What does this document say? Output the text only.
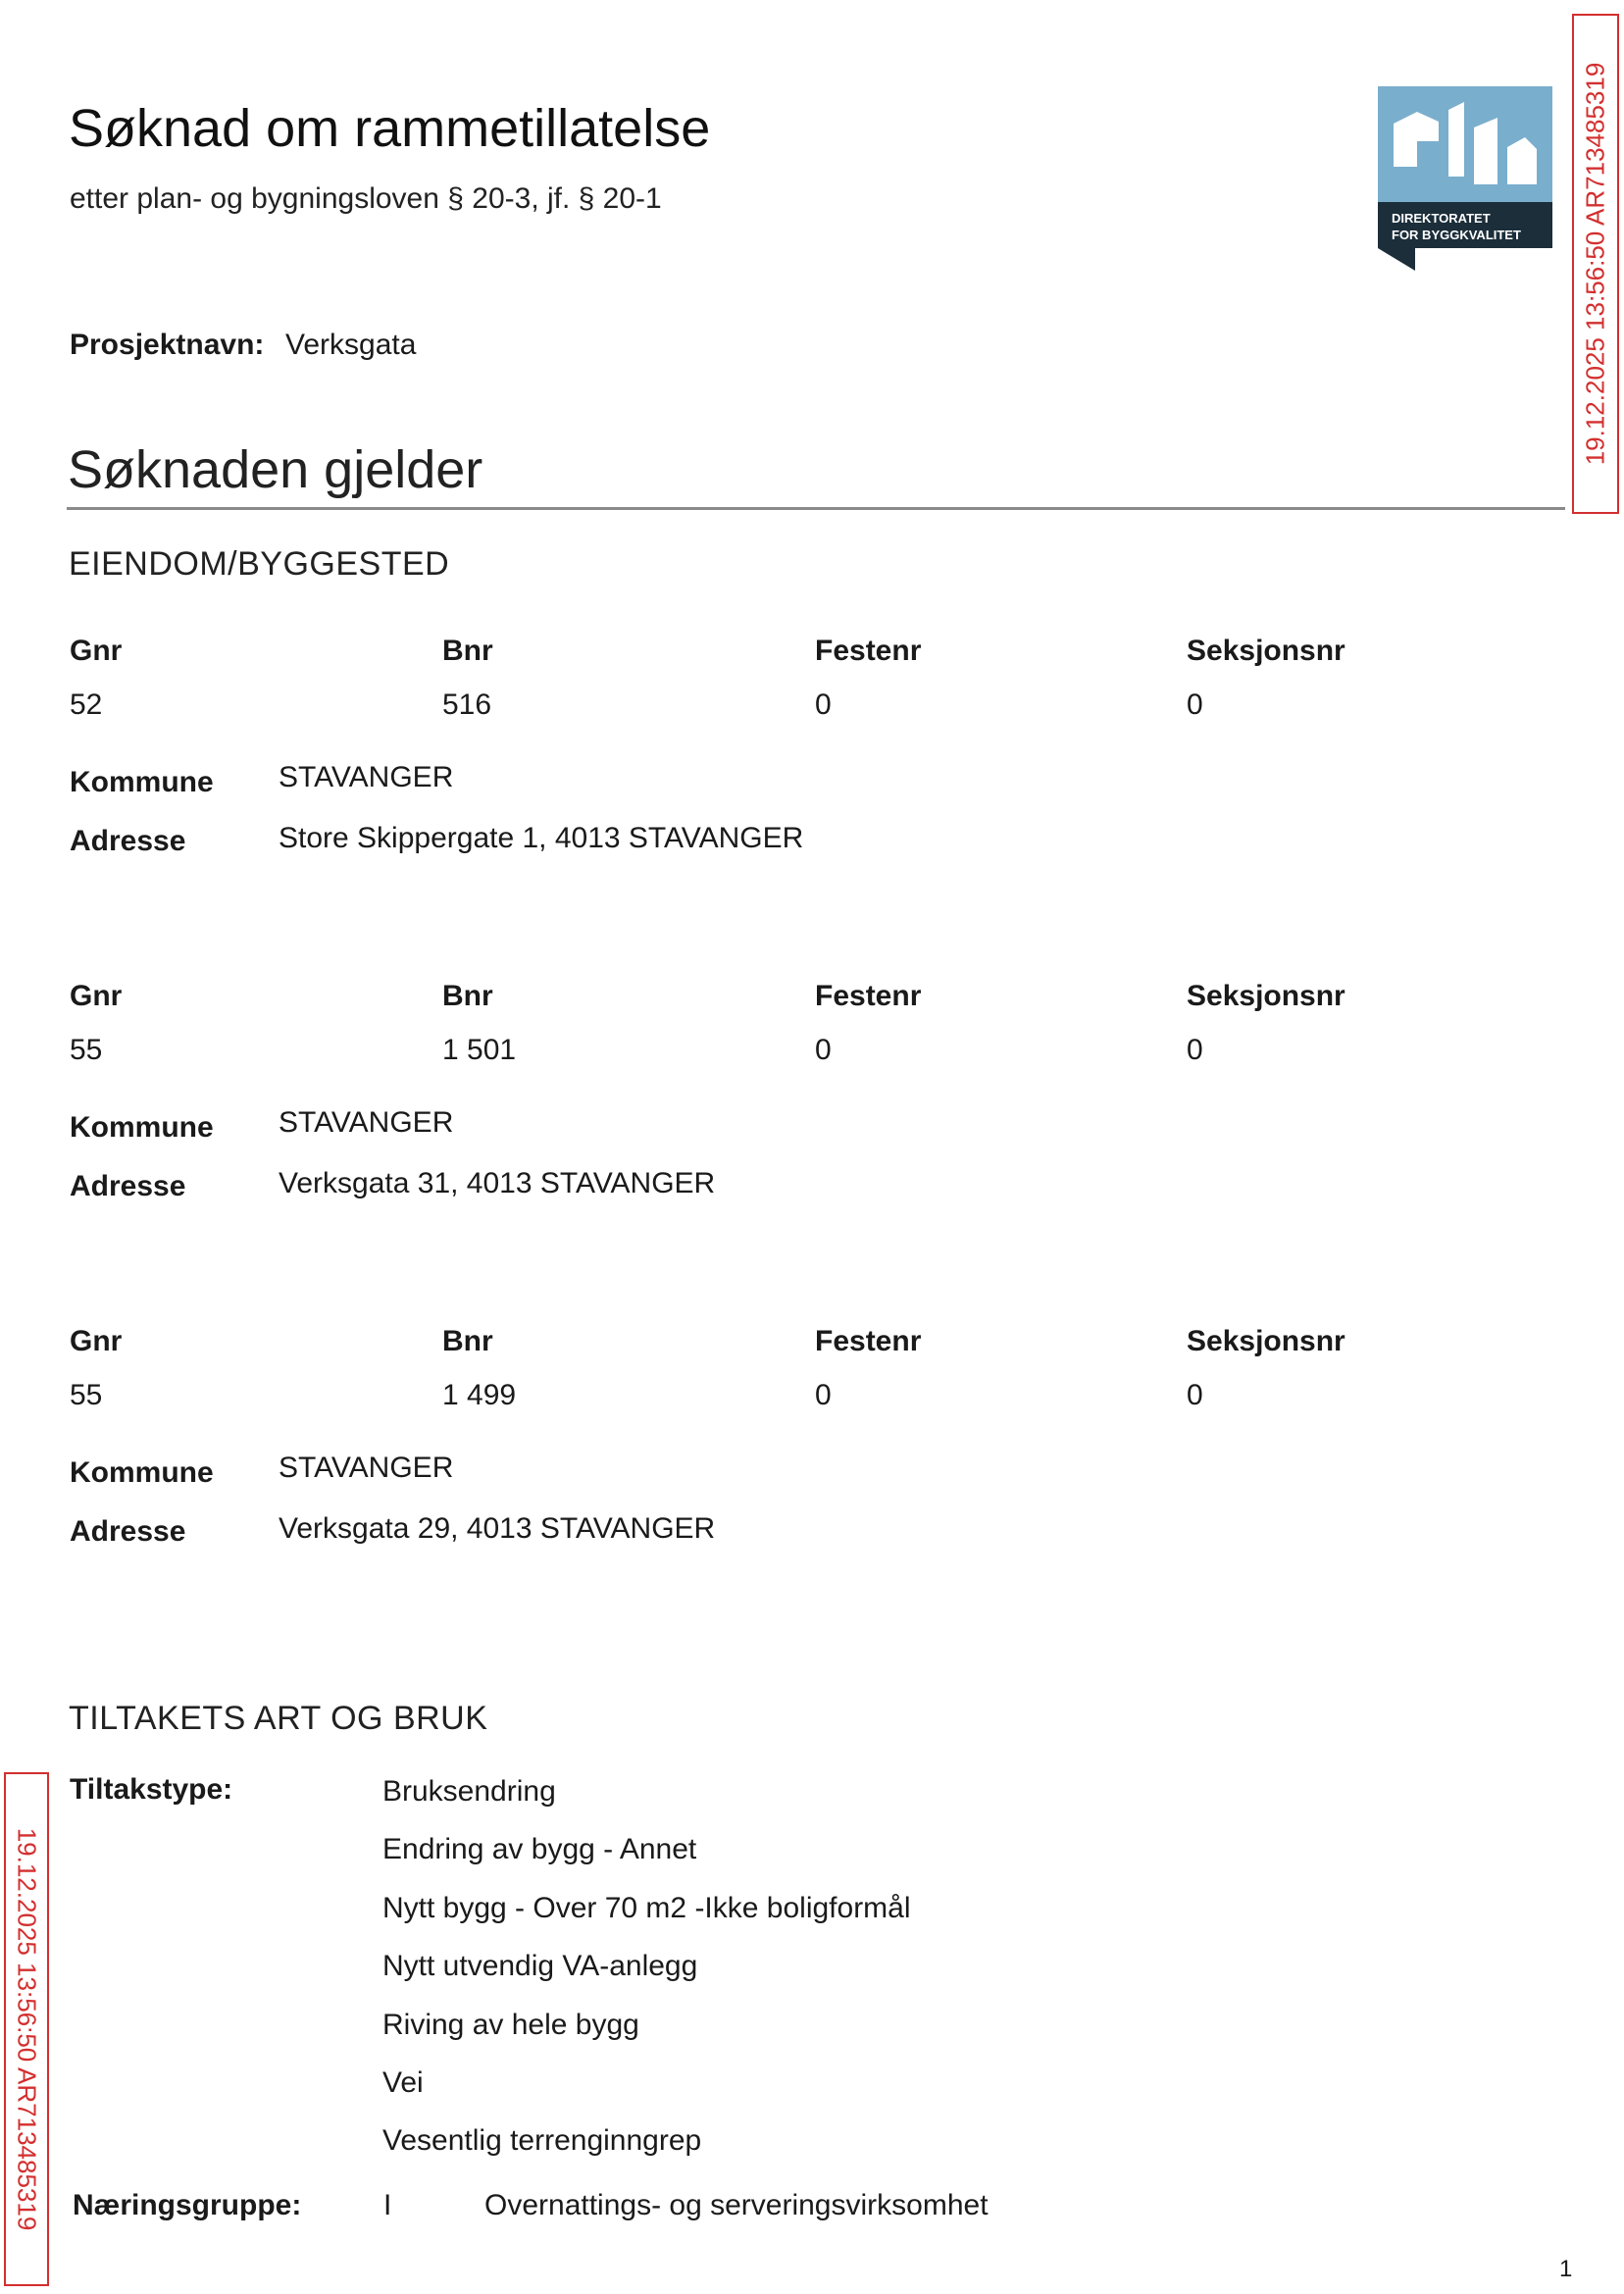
Søknad om rammetillatelse
etter plan- og bygningsloven § 20-3, jf. § 20-1
DIREKTORATET
FOR BYGGKVALITET 19.12.2025 13:56:50 AR713485319
19.12.2025 13:56:50 AR713485319
Prosjektnavn: Verksgata
Søknaden gjelder
EIENDOM/BYGGESTED
Gnr	Bnr	Festenr	Seksjonsnr
52	516	0	0
Kommune STAVANGER
Adresse	Store Skippergate 1, 4013 STAVANGER
Gnr	Bnr	Festenr	Seksjonsnr
55	1 501	0	0
Kommune STAVANGER
Adresse	Verksgata 31, 4013 STAVANGER
Gnr	Bnr	Festenr	Seksjonsnr
55	1 499	0	0
Kommune STAVANGER
Adresse	Verksgata 29, 4013 STAVANGER
TILTAKETS ART OG BRUK
Tiltakstype:	Bruksendring
Endring av bygg - Annet
Nytt bygg - Over 70 m2 -Ikke boligformål
Nytt utvendig VA-anlegg
Riving av hele bygg
Vei
Vesentlig terrenginngrep
Næringsgruppe:	I	Overnattings- og serveringsvirksomhet
1
